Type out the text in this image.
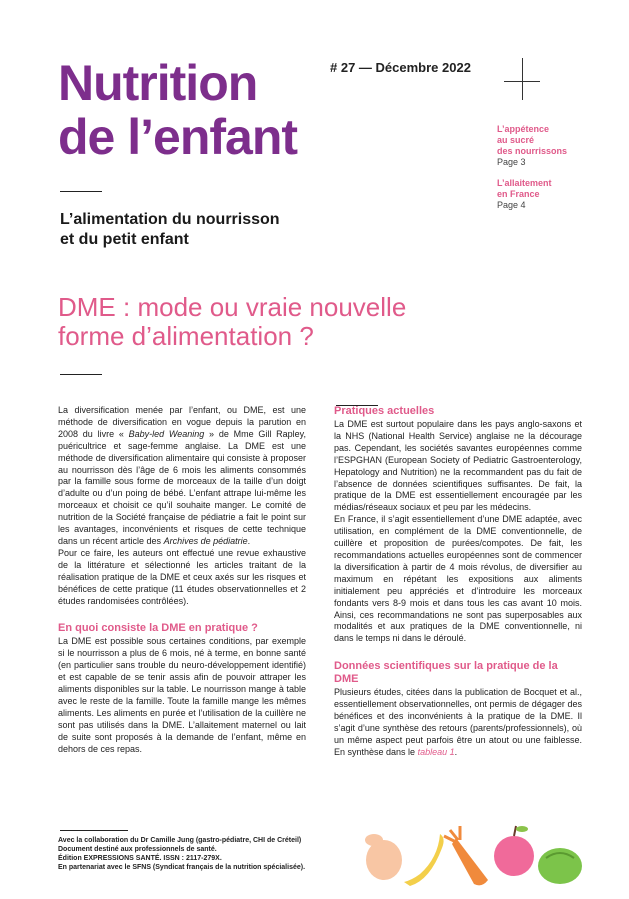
Nutrition
de l’enfant
# 27 — Décembre 2022
L’appétence
au sucré
des nourrissons
Page 3
L’allaitement
en France
Page 4
L’alimentation du nourrisson
et du petit enfant
DME : mode ou vraie nouvelle
forme d’alimentation ?

La diversification menée par l’enfant, ou DME, est une méthode de diversification en vogue depuis la parution en 2008 du livre « Baby-led Weaning » de Mme Gill Rapley, puéricultrice et sage-femme anglaise. La DME est une méthode de diversification alimentaire qui consiste à proposer au nourrisson dès l’âge de 6 mois les aliments consommés par la famille sous forme de morceaux de la taille d’un doigt d’adulte ou d’un poing de bébé. L’enfant attrape lui-même les morceaux et choisit ce qu’il souhaite manger. Le comité de nutrition de la Société française de pédiatrie a fait le point sur les avantages, inconvénients et risques de cette technique dans un récent article des Archives de pédiatrie.

Pour ce faire, les auteurs ont effectué une revue exhaustive de la littérature et sélectionné les articles traitant de la réalisation pratique de la DME et ceux axés sur les risques et bénéfices de cette pratique (11 études observationnelles et 2 études randomisées contrôlées).

En quoi consiste la DME en pratique ?

La DME est possible sous certaines conditions, par exemple si le nourrisson a plus de 6 mois, né à terme, en bonne santé (en particulier sans trouble du neuro-développement identifié) et est capable de se tenir assis afin de pouvoir attraper les aliments disponibles sur la table. Le nourrisson mange à table avec le reste de la famille. Toute la famille mange les mêmes aliments. Les aliments en purée et l’utilisation de la cuillère ne sont pas utilisés dans la DME. L’allaitement maternel ou lait de suite sont proposés à la demande de l’enfant, même en dehors de ces repas.

Pratiques actuelles

La DME est surtout populaire dans les pays anglo-saxons et la NHS (National Health Service) anglaise ne la décourage pas. Cependant, les sociétés savantes européennes comme l’ESPGHAN (European Society of Pediatric Gastroenterology, Hepatology and Nutrition) ne la recommandent pas du fait de l’absence de données scientifiques suffisantes. De fait, la pratique de la DME est essentiellement encouragée par les médias/réseaux sociaux et peu par les médecins.

En France, il s’agit essentiellement d’une DME adaptée, avec utilisation, en complément de la DME conventionnelle, de cuillère et proposition de purées/compotes. De fait, les recommandations actuelles européennes sont de commencer la diversification à partir de 4 mois révolus, de diversifier au maximum en répétant les expositions aux aliments initialement peu appréciés et d’introduire les morceaux fondants vers 8-9 mois et dans tous les cas avant 10 mois. Ainsi, ces recommandations ne sont pas superposables aux modalités et aux pratiques de la DME conventionnelle, ni dans le temps ni dans le déroulé.

Données scientifiques sur la pratique de la DME

Plusieurs études, citées dans la publication de Bocquet et al., essentiellement observationnelles, ont permis de dégager des bénéfices et des inconvénients à la pratique de la DME. Il s’agit d’une synthèse des retours (parents/professionnels), où un même aspect peut parfois être un atout ou une faiblesse. En synthèse dans le tableau 1.

Avec la collaboration du Dr Camille Jung (gastro-pédiatre, CHI de Créteil)
Document destiné aux professionnels de santé.
Édition EXPRESSIONS SANTÉ. ISSN : 2117-279X.
En partenariat avec le SFNS (Syndicat français de la nutrition spécialisée).
